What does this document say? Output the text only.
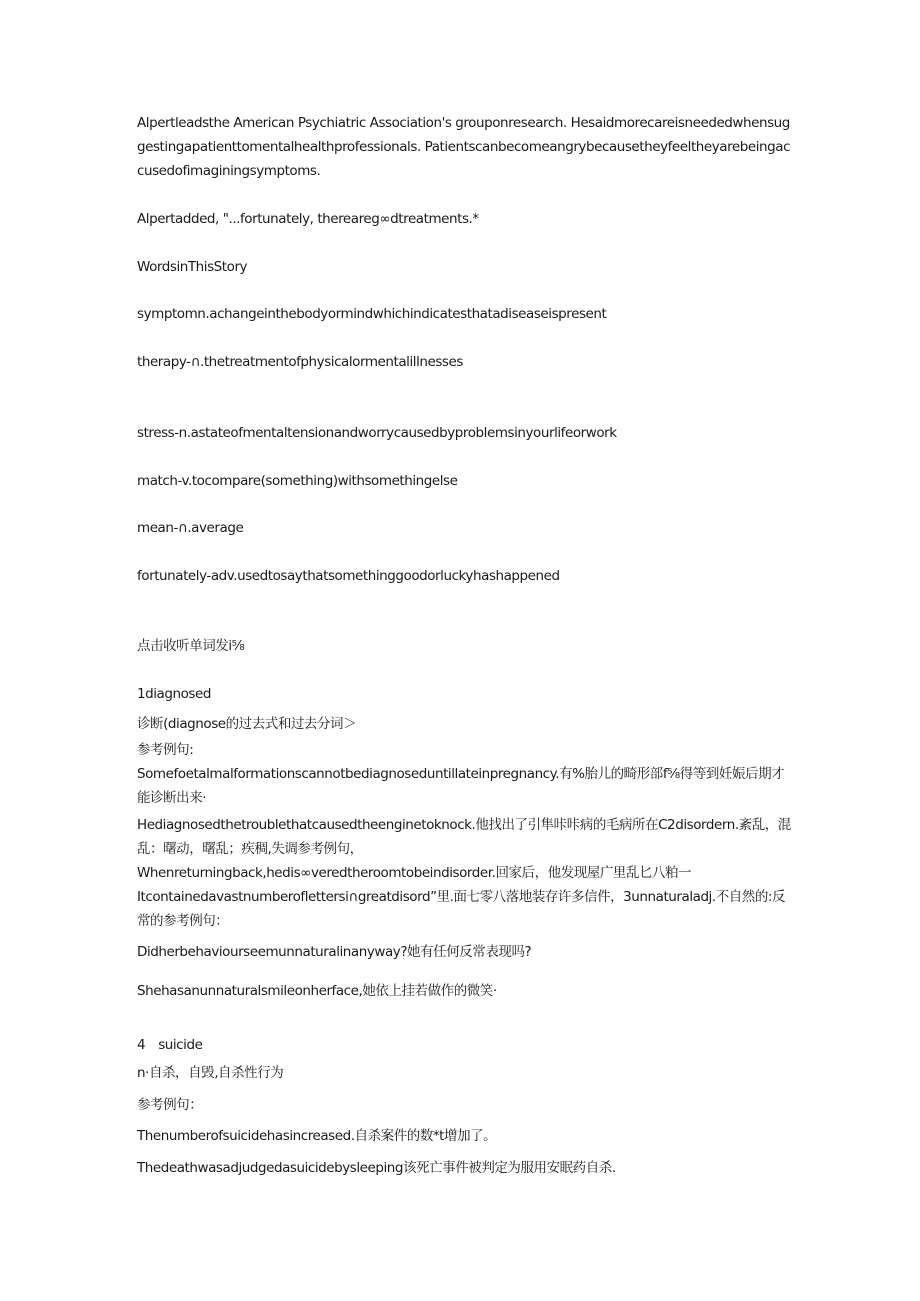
Alpertleadsthe American Psychiatric Association's grouponresearch. Hesaidmorecareisneededwhensuggestingapatienttomentalhealthprofessionals. Patientscanbecomeangrybecausetheyfeeltheyarebeingaccusedofimaginingsymptoms.
Alpertadded, "...fortunately, thereareg∞dtreatments.*
WordsinThisStory
symptomn.achangeinthebodyormindwhichindicatesthatadiseaseispresent
therapy-∩.thetreatmentofphysicalormentalillnesses
stress-n.astateofmentaltensionandworrycausedbyproblemsinyourlifeorwork
match-v.tocompare(something)withsomethingelse
mean-∩.average
fortunately-adv.usedtosaythatsomethinggoodorluckyhashappened
点击收听单词发i⅝
1diagnosed
诊断(diagnose的过去式和过去分词＞
参考例句:
Somefoetalmalformationscannotbediagnoseduntillateinpregnancy.有%胎儿的畸形部f⅝得等到妊娠后期才能诊断出来·
Hediagnosedthetroublethatcausedtheenginetoknock.他找出了引隼咔咔病的毛病所在C2disordern.紊乱，混乱：曙动，曙乱；疾稠,失调参考例句，
Whenreturningback,hedis∞veredtheroomtobeindisorder.回家后，他发现屋广里乱匕八粕一
Itcontainedavastnumberoflettersi∩greatdisord”里.面七零八落地装存许多信件，3unnaturaladj.不自然的:反常的参考例句：
Didherbehaviourseemunnaturalinanyway?她有任何反常表现吗?
Shehasanunnaturalsmileonherface,她依上挂若做作的微笑·
4　suicide
n·自杀，自毁,自杀性行为
参考例句：
Thenumberofsuicidehasincreased.自杀案件的数*t增加了。
Thedeathwasadjudgedasuicidebysleeping该死亡事件被判定为服用安眠药自杀.
